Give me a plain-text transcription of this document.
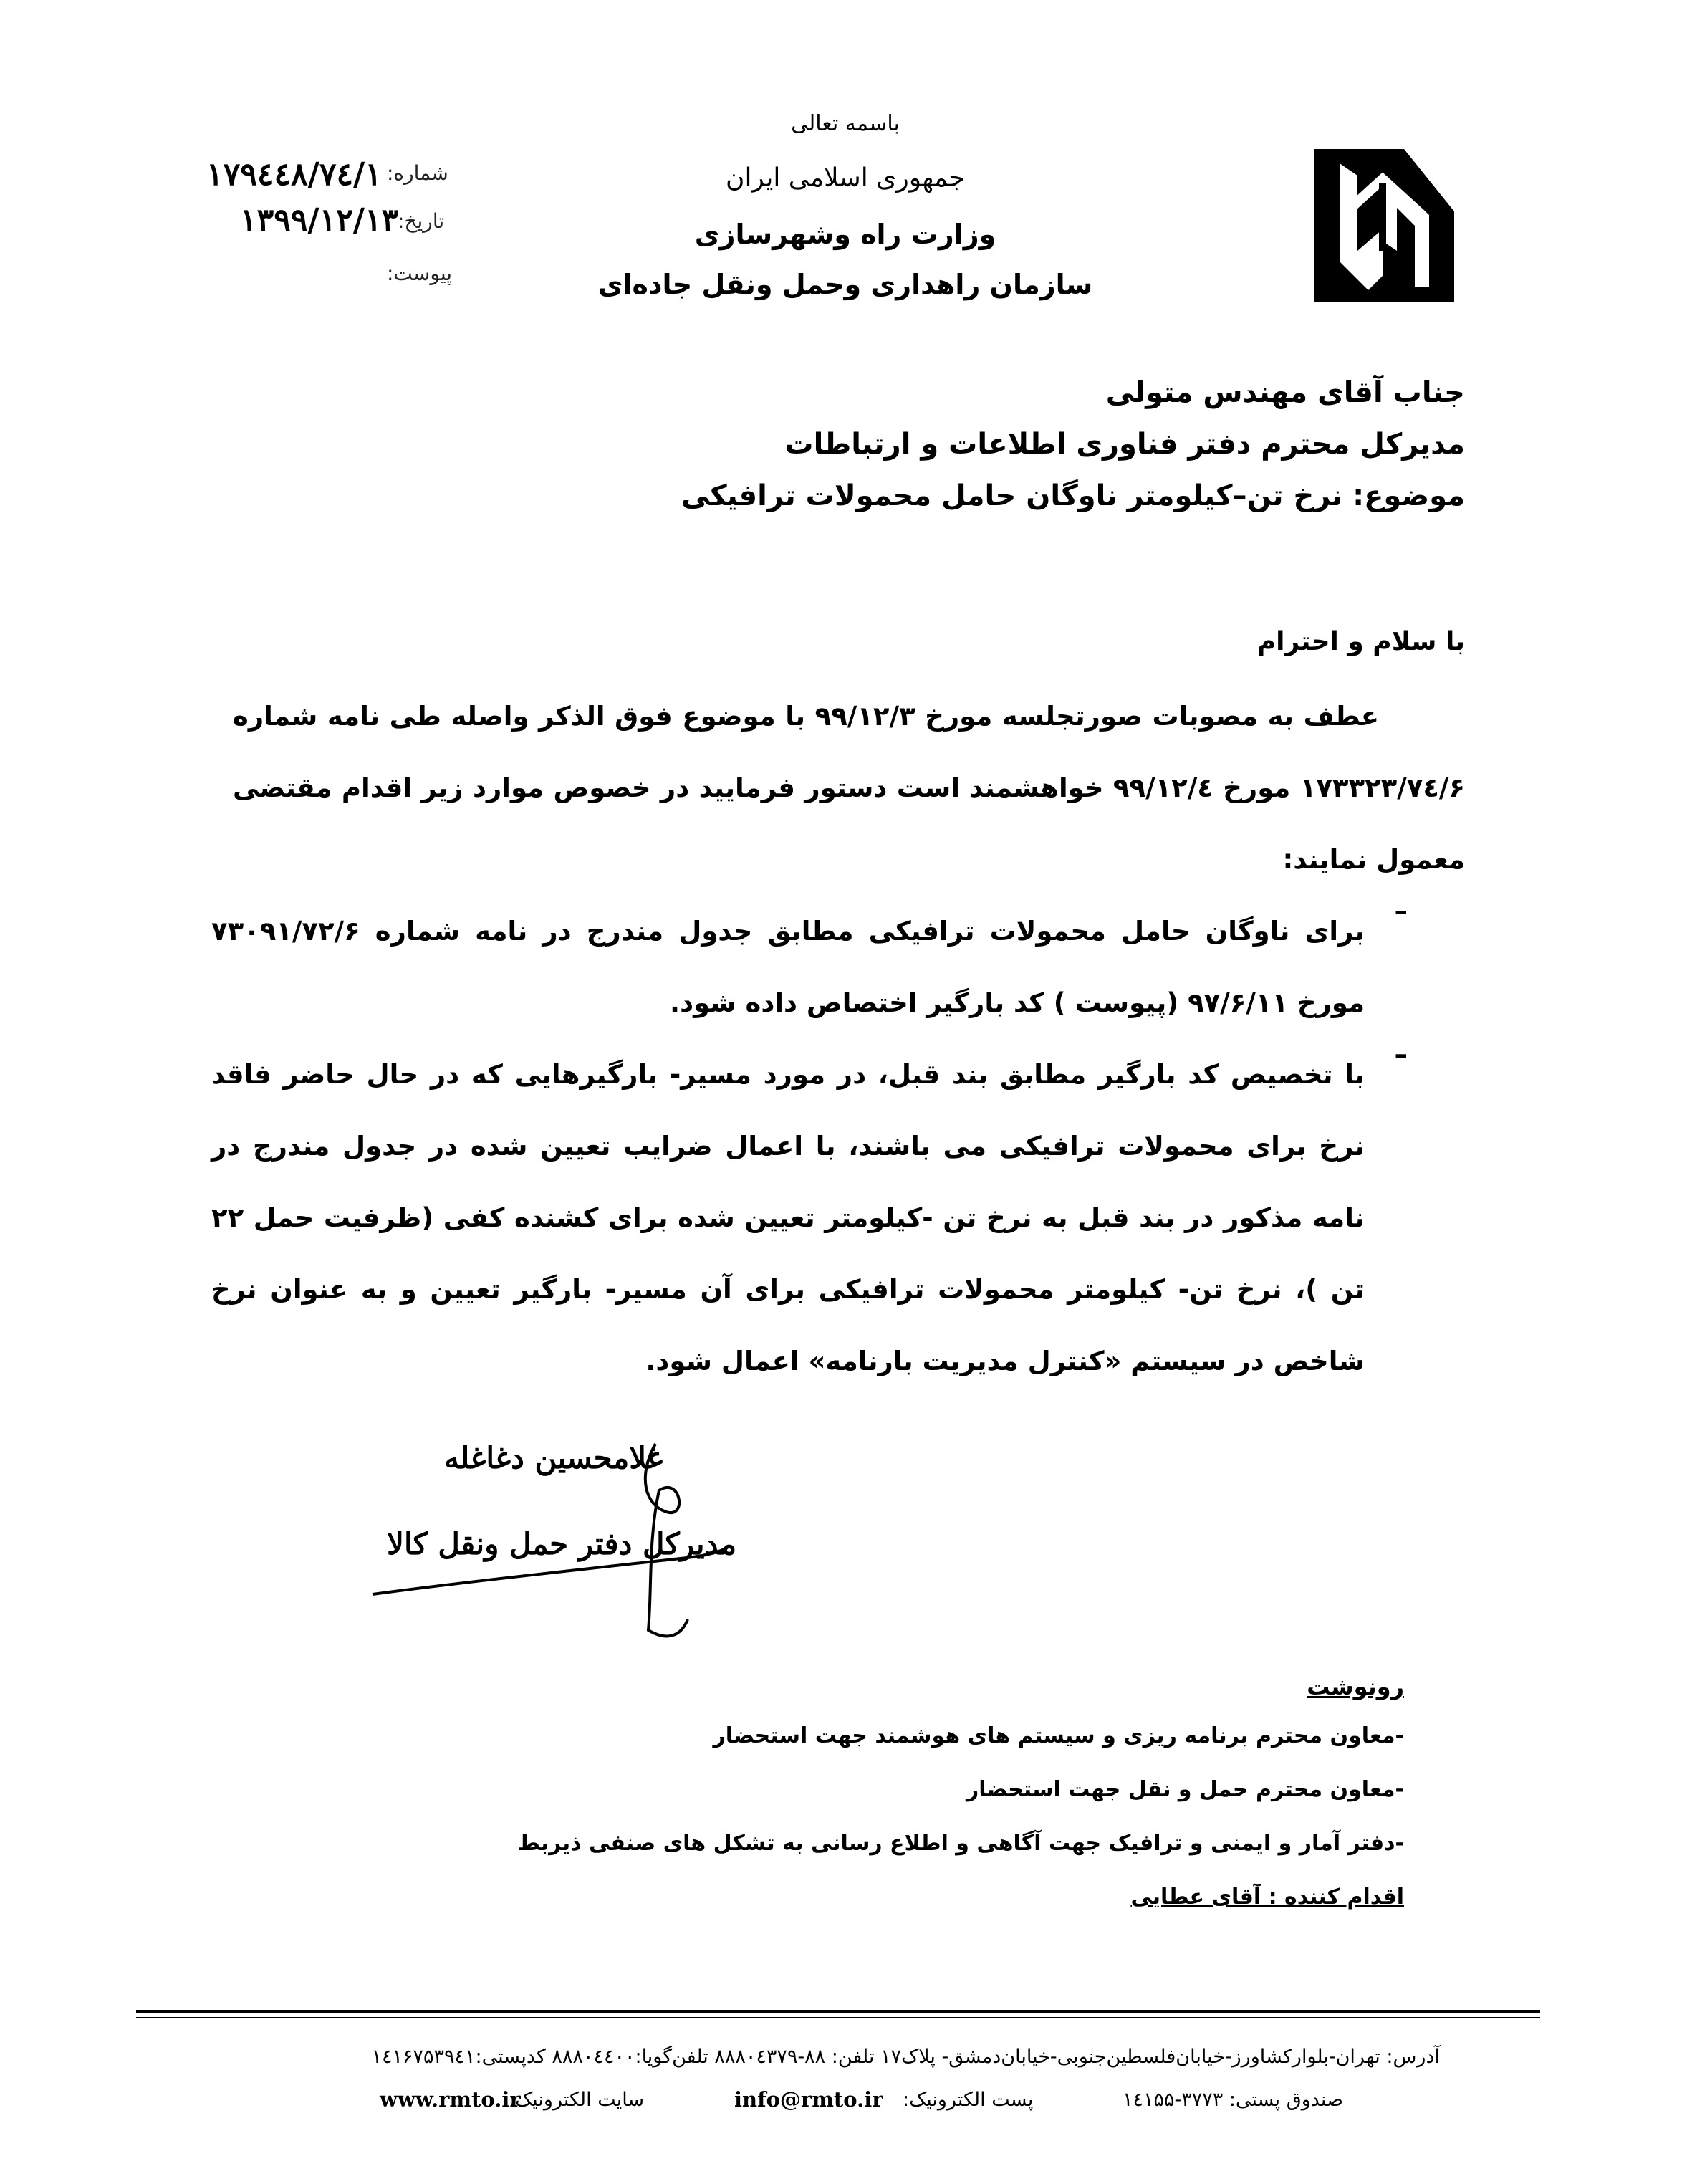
باسمه تعالی
جمهوری اسلامی ایران
وزارت راه وشهرسازی
سازمان راهداری وحمل ونقل جاده‌ای
شماره:
۱۷۹٤٤۸/۷٤/۱
تاریخ:
۱۳۹۹/۱۲/۱۳
پیوست:
جناب آقای مهندس متولی
مدیرکل محترم دفتر فناوری اطلاعات و ارتباطات
موضوع: نرخ تن–کیلومتر ناوگان حامل محمولات ترافیکی
با سلام و احترام
عطف به مصوبات صورتجلسه مورخ ۹۹/۱۲/۳ با موضوع فوق الذکر واصله طی نامه شماره ۱۷۳۳۲۳/۷٤/۶ مورخ ۹۹/۱۲/٤ خواهشمند است دستور فرمایید در خصوص موارد زیر اقدام مقتضی معمول نمایند:
–
برای ناوگان حامل محمولات ترافیکی مطابق جدول مندرج در نامه شماره ۷۳۰۹۱/۷۲/۶ مورخ ۹۷/۶/۱۱ (پیوست ) کد بارگیر اختصاص داده شود.
–
با تخصیص کد بارگیر مطابق بند قبل، در مورد مسیر- بارگیرهایی که در حال حاضر فاقد نرخ برای محمولات ترافیکی می باشند، با اعمال ضرایب تعیین شده در جدول مندرج در نامه مذکور در بند قبل به نرخ تن -کیلومتر تعیین شده برای کشنده کفی (ظرفیت حمل ۲۲ تن )، نرخ تن- کیلومتر محمولات ترافیکی برای آن مسیر- بارگیر تعیین و به عنوان نرخ شاخص در سیستم «کنترل مدیریت بارنامه» اعمال شود.
غلامحسین دغاغله
مدیرکل دفتر حمل ونقل کالا
رونوشت
-معاون محترم برنامه ریزی و سیستم های هوشمند جهت استحضار
-معاون محترم حمل و نقل جهت استحضار
-دفتر آمار و ایمنی و ترافیک جهت آگاهی و اطلاع رسانی به تشکل های صنفی ذیربط
اقدام کننده : آقای عطایی
آدرس: تهران-بلوارکشاورز-خیابان‌فلسطین‌جنوبی-خیابان‌دمشق- پلاک۱۷ تلفن: ۸۸-۸۸۸۰٤۳۷۹ تلفن‌گویا:۸۸۸۰٤٤۰۰ کدپستی:۱٤۱۶۷۵۳۹٤۱
صندوق پستی: ۳۷۷۳-۱٤۱۵۵
پست الکترونیک:
info@rmto.ir
سایت الکترونیک:
www.rmto.ir
